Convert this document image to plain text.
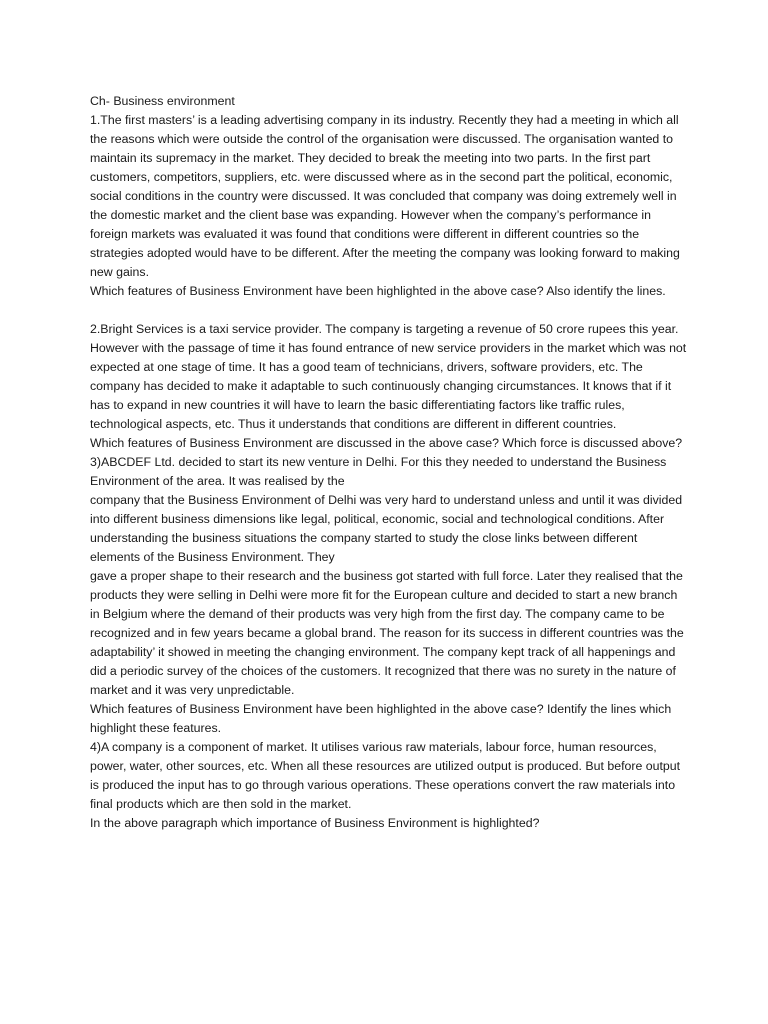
Ch- Business environment

1.The first masters’ is a leading advertising company in its industry. Recently they had a meeting in which all the reasons which were outside the control of the organisation were discussed. The organisation wanted to maintain its supremacy in the market. They decided to break the meeting into two parts. In the first part customers, competitors, suppliers, etc. were discussed where as in the second part the political, economic, social conditions in the country were discussed. It was concluded that company was doing extremely well in the domestic market and the client base was expanding. However when the company’s performance in foreign markets was evaluated it was found that conditions were different in different countries so the strategies adopted would have to be different. After the meeting the company was looking forward to making new gains.

Which features of Business Environment have been highlighted in the above case? Also identify the lines.

2.Bright Services is a taxi service provider. The company is targeting a revenue of 50 crore rupees this year. However with the passage of time it has found entrance of new service providers in the market which was not expected at one stage of time. It has a good team of technicians, drivers, software providers, etc. The company has decided to make it adaptable to such continuously changing circumstances. It knows that if it has to expand in new countries it will have to learn the basic differentiating factors like traffic rules, technological aspects, etc. Thus it understands that conditions are different in different countries.

Which features of Business Environment are discussed in the above case? Which force is discussed above?

3)ABCDEF Ltd. decided to start its new venture in Delhi. For this they needed to understand the Business Environment of the area. It was realised by the

company that the Business Environment of Delhi was very hard to understand unless and until it was divided into different business dimensions like legal, political, economic, social and technological conditions. After understanding the business situations the company started to study the close links between different elements of the Business Environment. They

gave a proper shape to their research and the business got started with full force. Later they realised that the products they were selling in Delhi were more fit for the European culture and decided to start a new branch in Belgium where the demand of their products was very high from the first day. The company came to be recognized and in few years became a global brand. The reason for its success in different countries was the adaptability’ it showed in meeting the changing environment. The company kept track of all happenings and did a periodic survey of the choices of the customers. It recognized that there was no surety in the nature of market and it was very unpredictable.

Which features of Business Environment have been highlighted in the above case? Identify the lines which highlight these features.

4)A company is a component of market. It utilises various raw materials, labour force, human resources, power, water, other sources, etc. When all these resources are utilized output is produced. But before output is produced the input has to go through various operations. These operations convert the raw materials into final products which are then sold in the market.

In the above paragraph which importance of Business Environment is highlighted?
